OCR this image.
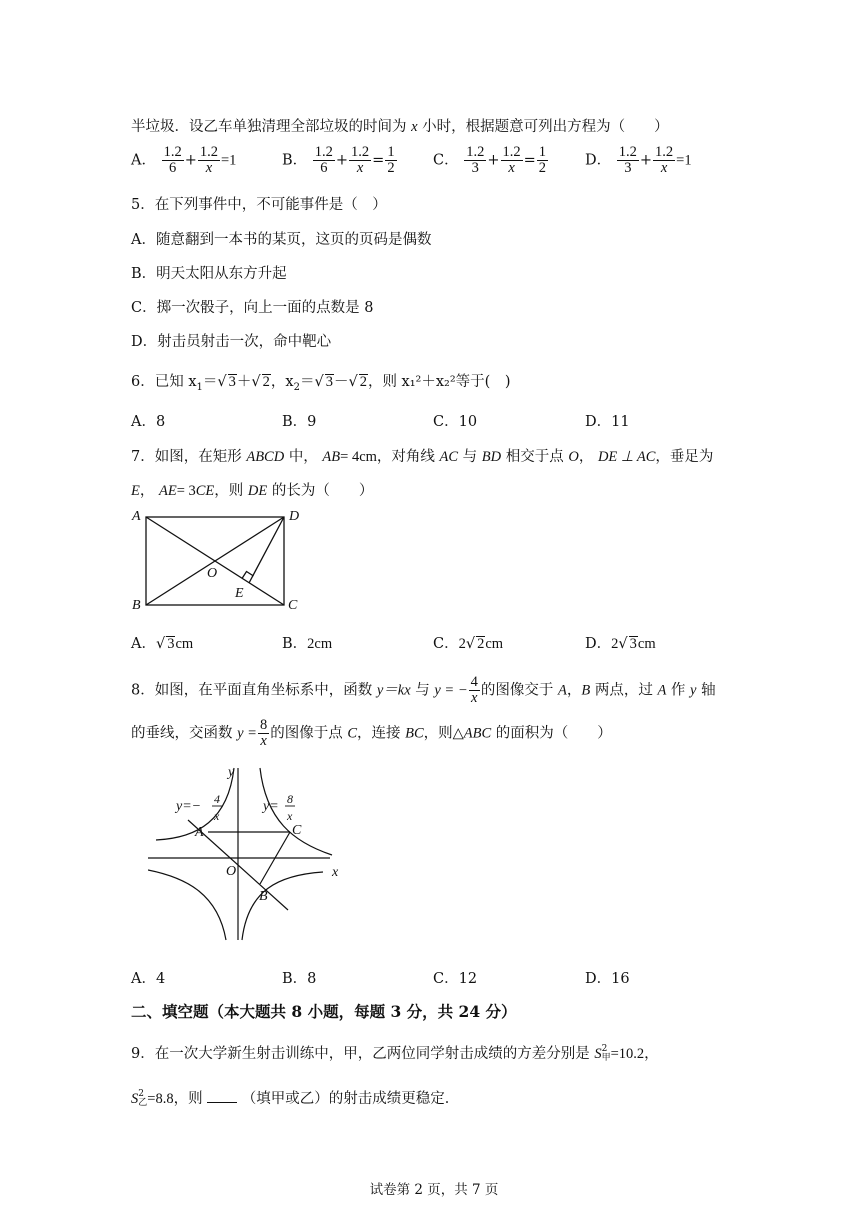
半垃圾．设乙车单独清理全部垃圾的时间为 x 小时，根据题意可列出方程为（　　）
A． $\frac{1.2}{6} + \frac{1.2}{x} =1$	B． $\frac{1.2}{6} + \frac{1.2}{x} = \frac{1}{2}$	C． $\frac{1.2}{3} + \frac{1.2}{x} = \frac{1}{2}$	D． $\frac{1.2}{3} + \frac{1.2}{x} =1$
5．在下列事件中，不可能事件是（　）
A．随意翻到一本书的某页，这页的页码是偶数
B．明天太阳从东方升起
C．掷一次骰子，向上一面的点数是 8
D．射击员射击一次，命中靶心
6．已知 $x_1=√$ 3＋√ 2，$x_2=√$ 3－√ 2，则 x₁²＋x₂²等于(　)
A．8	B．9	C．10	D．11
7．如图，在矩形 ABCD 中， AB= 4cm，对角线 AC 与 BD 相交于点 O， DE ⊥ AC，垂足为
E， AE= 3CE，则 DE 的长为（　　）
A	D
B	C
O
E
A．√ 3cm	B．2cm	C．2√ 2cm	D．2√ 3cm
8．如图，在平面直角坐标系中，函数 y＝kx 与 y = − $\frac{4}{x}$ 的图像交于 A，B 两点，过 A 作 y 轴
的垂线，交函数 $y = \frac{8}{x}$ 的图像于点 C，连接 BC，则△ABC 的面积为（　　）
y
x
O
A
B
C
y=− 4
x
y= 8
x
A．4	B．8	C．12	D．16
二、填空题（本大题共 8 小题，每题 3 分，共 24 分）
9．在一次大学新生射击训练中，甲，乙两位同学射击成绩的方差分别是 S 2
甲 =10.2，
S 2
乙 =8.8，则	（填甲或乙）的射击成绩更稳定．
试卷第 2 页，共 7 页
